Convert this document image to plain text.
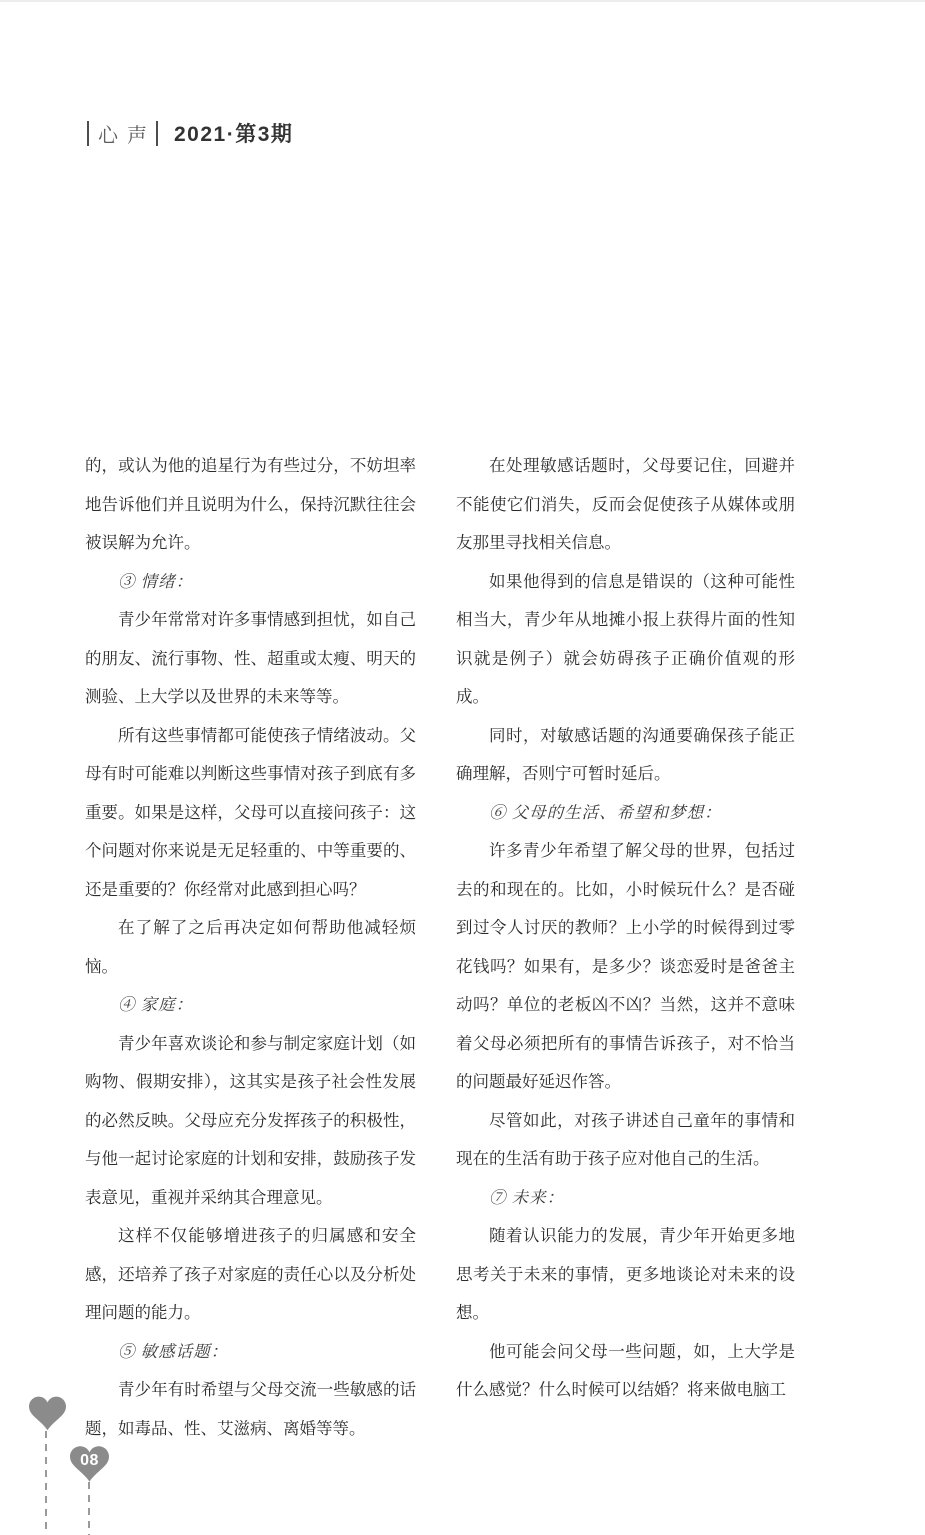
心声 2021·第3期

的，或认为他的追星行为有些过分，不妨坦率地告诉他们并且说明为什么，保持沉默往往会被误解为允许。

③ 情绪：

青少年常常对许多事情感到担忧，如自己的朋友、流行事物、性、超重或太瘦、明天的测验、上大学以及世界的未来等等。

所有这些事情都可能使孩子情绪波动。父母有时可能难以判断这些事情对孩子到底有多重要。如果是这样，父母可以直接问孩子：这个问题对你来说是无足轻重的、中等重要的、还是重要的？你经常对此感到担心吗？

在了解了之后再决定如何帮助他减轻烦恼。

④ 家庭：

青少年喜欢谈论和参与制定家庭计划（如购物、假期安排），这其实是孩子社会性发展的必然反映。父母应充分发挥孩子的积极性，与他一起讨论家庭的计划和安排，鼓励孩子发表意见，重视并采纳其合理意见。

这样不仅能够增进孩子的归属感和安全感，还培养了孩子对家庭的责任心以及分析处理问题的能力。

⑤ 敏感话题：

青少年有时希望与父母交流一些敏感的话题，如毒品、性、艾滋病、离婚等等。

在处理敏感话题时，父母要记住，回避并不能使它们消失，反而会促使孩子从媒体或朋友那里寻找相关信息。

如果他得到的信息是错误的（这种可能性相当大，青少年从地摊小报上获得片面的性知识就是例子）就会妨碍孩子正确价值观的形成。

同时，对敏感话题的沟通要确保孩子能正确理解，否则宁可暂时延后。

⑥ 父母的生活、希望和梦想：

许多青少年希望了解父母的世界，包括过去的和现在的。比如，小时候玩什么？是否碰到过令人讨厌的教师？上小学的时候得到过零花钱吗？如果有，是多少？谈恋爱时是爸爸主动吗？单位的老板凶不凶？当然，这并不意味着父母必须把所有的事情告诉孩子，对不恰当的问题最好延迟作答。

尽管如此，对孩子讲述自己童年的事情和现在的生活有助于孩子应对他自己的生活。

⑦ 未来：

随着认识能力的发展，青少年开始更多地思考关于未来的事情，更多地谈论对未来的设想。

他可能会问父母一些问题，如，上大学是什么感觉？什么时候可以结婚？将来做电脑工

08
